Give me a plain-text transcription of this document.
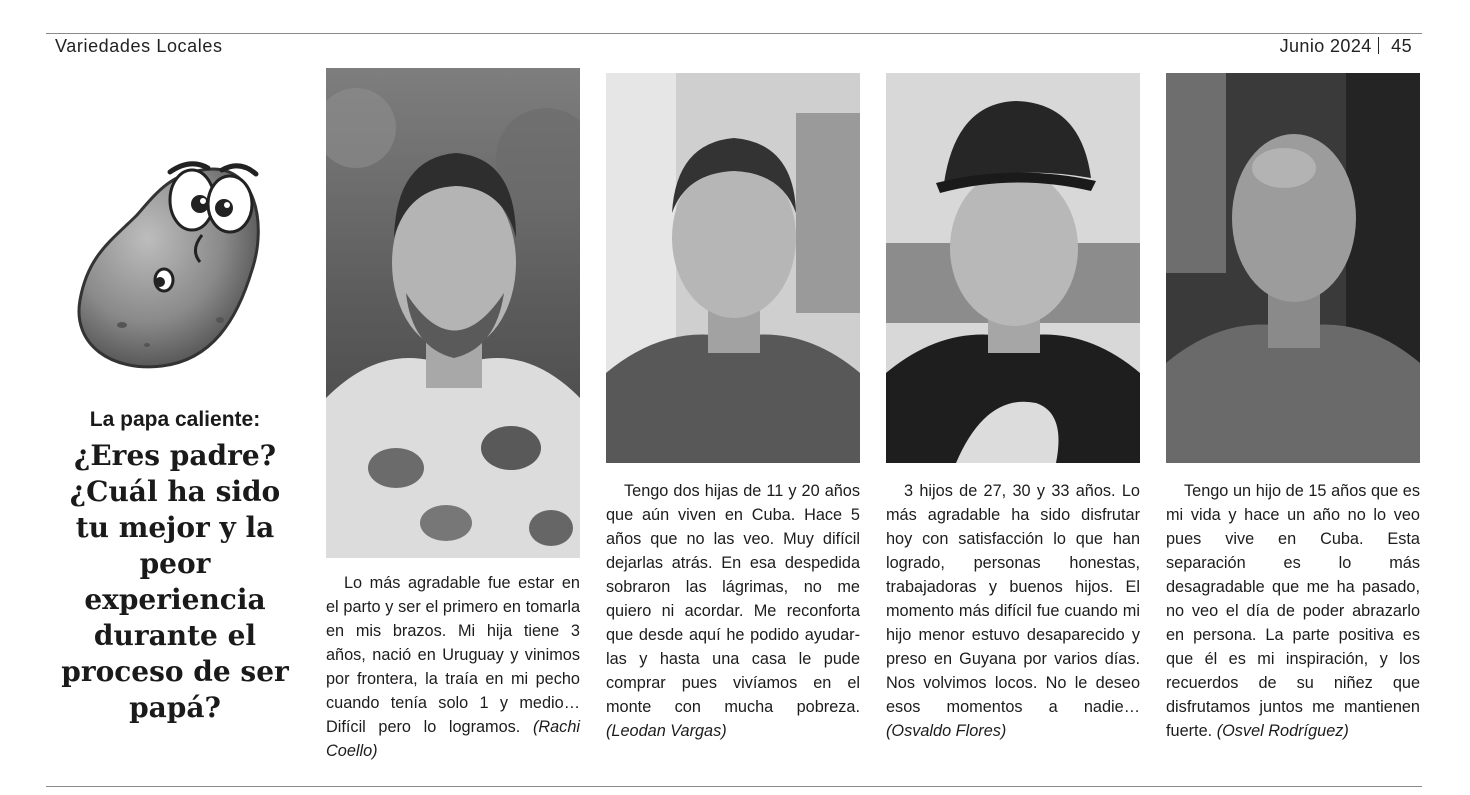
Variedades Locales	Junio 2024 45
La papa caliente:
¿Eres padre? ¿Cuál ha sido tu mejor y la peor experiencia durante el proceso de ser papá?

Lo más agradable fue estar en el parto y ser el primero en tomarla en mis brazos. Mi hija tiene 3 años, nació en Uruguay y vinimos por frontera, la traía en mi pecho cuando tenía solo 1 y medio… Difícil pero lo logramos. (Rachi Coello)

Tengo dos hijas de 11 y 20 años que aún viven en Cuba. Hace 5 años que no las veo. Muy difícil dejarlas atrás. En esa despedida sobraron las lágrimas, no me quiero ni acordar. Me reconforta que desde aquí he podido ayudarlas y hasta una casa le pude comprar pues vivíamos en el monte con mucha pobreza. (Leodan Vargas)

3 hijos de 27, 30 y 33 años. Lo más agradable ha sido disfrutar hoy con satisfacción lo que han logrado, personas honestas, trabajadoras y buenos hijos. El momento más difícil fue cuando mi hijo menor estuvo desaparecido y preso en Guyana por varios días. Nos volvimos locos. No le deseo esos momentos a nadie… (Osvaldo Flores)

Tengo un hijo de 15 años que es mi vida y hace un año no lo veo pues vive en Cuba. Esta separación es lo más desagradable que me ha pasado, no veo el día de poder abrazarlo en persona. La parte positiva es que él es mi inspiración, y los recuerdos de su niñez que disfrutamos juntos me mantienen fuerte. (Osvel Rodríguez)
